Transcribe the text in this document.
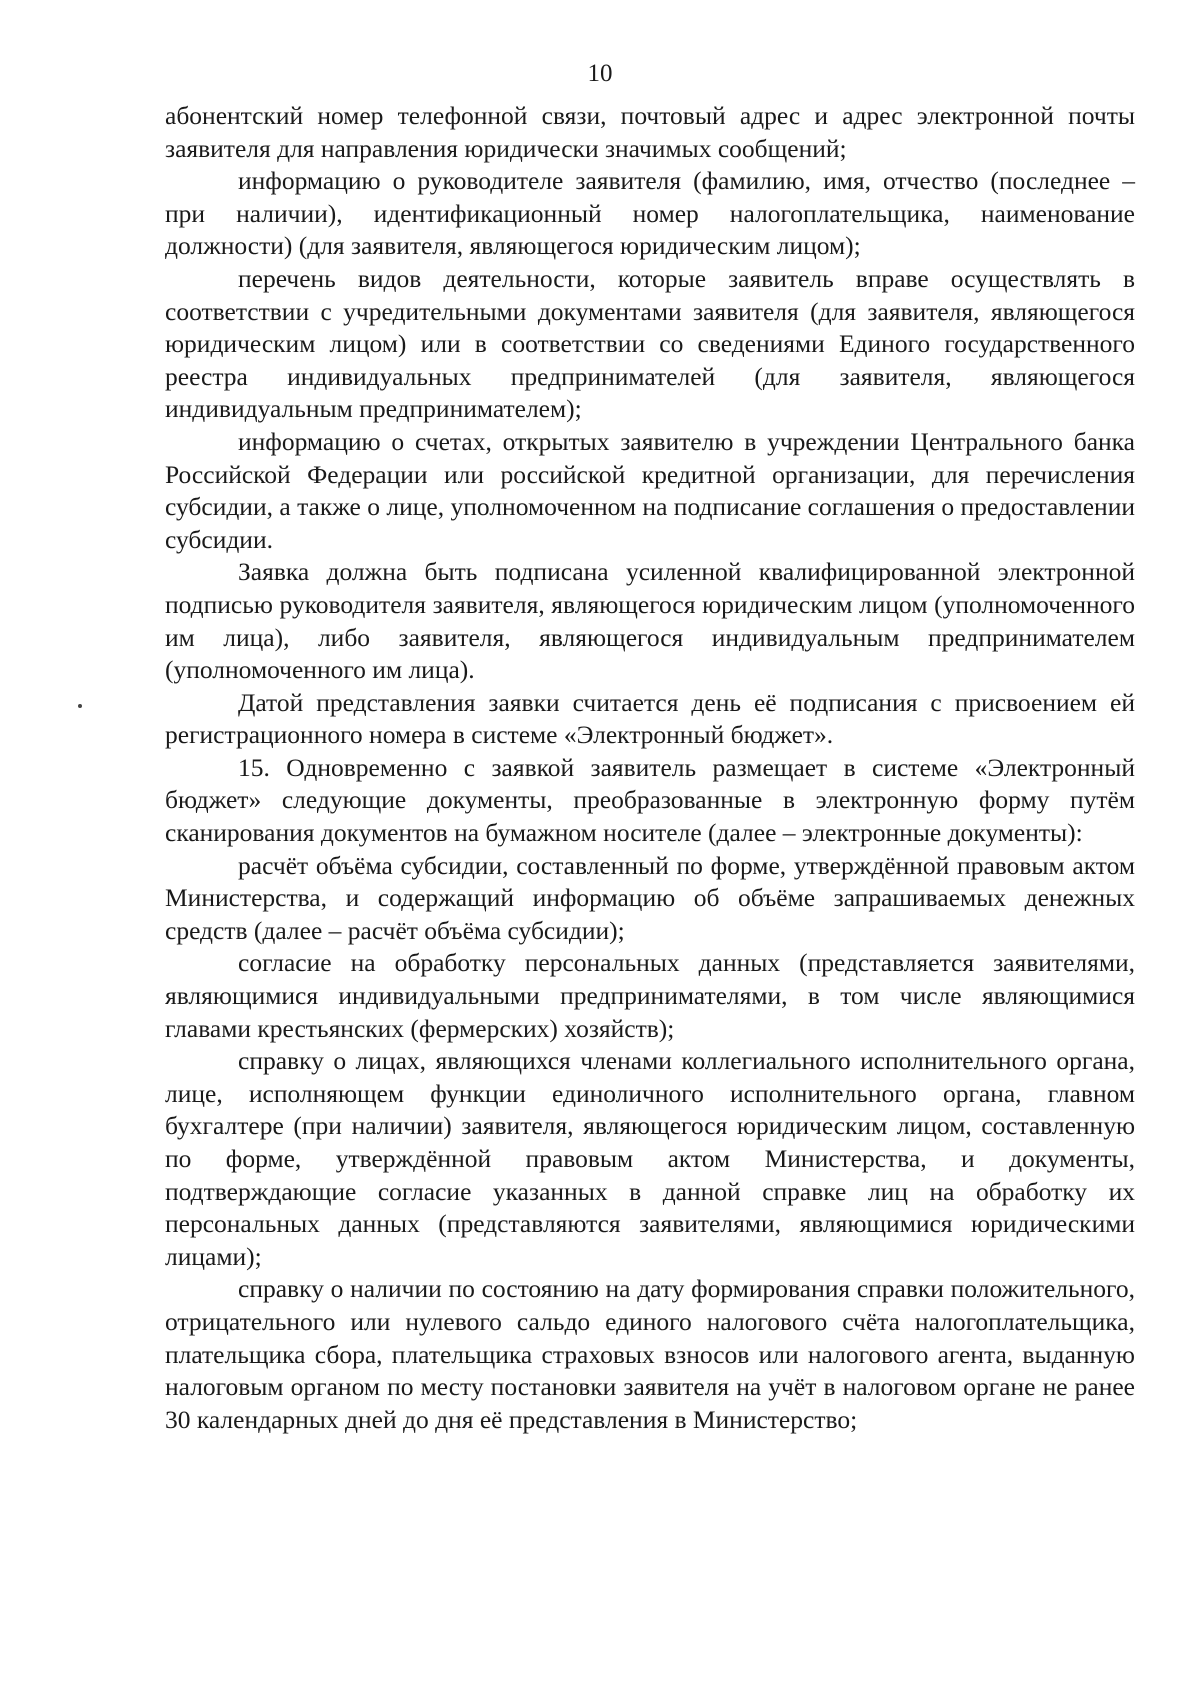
10

абонентский номер телефонной связи, почтовый адрес и адрес электронной почты заявителя для направления юридически значимых сообщений;

информацию о руководителе заявителя (фамилию, имя, отчество (последнее – при наличии), идентификационный номер налогоплательщика, наименование должности) (для заявителя, являющегося юридическим лицом);

перечень видов деятельности, которые заявитель вправе осуществлять в соответствии с учредительными документами заявителя (для заявителя, являющегося юридическим лицом) или в соответствии со сведениями Единого государственного реестра индивидуальных предпринимателей (для заявителя, являющегося индивидуальным предпринимателем);

информацию о счетах, открытых заявителю в учреждении Центрального банка Российской Федерации или российской кредитной организации, для перечисления субсидии, а также о лице, уполномоченном на подписание соглашения о предоставлении субсидии.

Заявка должна быть подписана усиленной квалифицированной электронной подписью руководителя заявителя, являющегося юридическим лицом (уполномоченного им лица), либо заявителя, являющегося индивидуальным предпринимателем (уполномоченного им лица).

Датой представления заявки считается день её подписания с присвоением ей регистрационного номера в системе «Электронный бюджет».

15. Одновременно с заявкой заявитель размещает в системе «Электронный бюджет» следующие документы, преобразованные в электронную форму путём сканирования документов на бумажном носителе (далее – электронные документы):

расчёт объёма субсидии, составленный по форме, утверждённой правовым актом Министерства, и содержащий информацию об объёме запрашиваемых денежных средств (далее – расчёт объёма субсидии);

согласие на обработку персональных данных (представляется заявителями, являющимися индивидуальными предпринимателями, в том числе являющимися главами крестьянских (фермерских) хозяйств);

справку о лицах, являющихся членами коллегиального исполнительного органа, лице, исполняющем функции единоличного исполнительного органа, главном бухгалтере (при наличии) заявителя, являющегося юридическим лицом, составленную по форме, утверждённой правовым актом Министерства, и документы, подтверждающие согласие указанных в данной справке лиц на обработку их персональных данных (представляются заявителями, являющимися юридическими лицами);

справку о наличии по состоянию на дату формирования справки положительного, отрицательного или нулевого сальдо единого налогового счёта налогоплательщика, плательщика сбора, плательщика страховых взносов или налогового агента, выданную налоговым органом по месту постановки заявителя на учёт в налоговом органе не ранее 30 календарных дней до дня её представления в Министерство;
